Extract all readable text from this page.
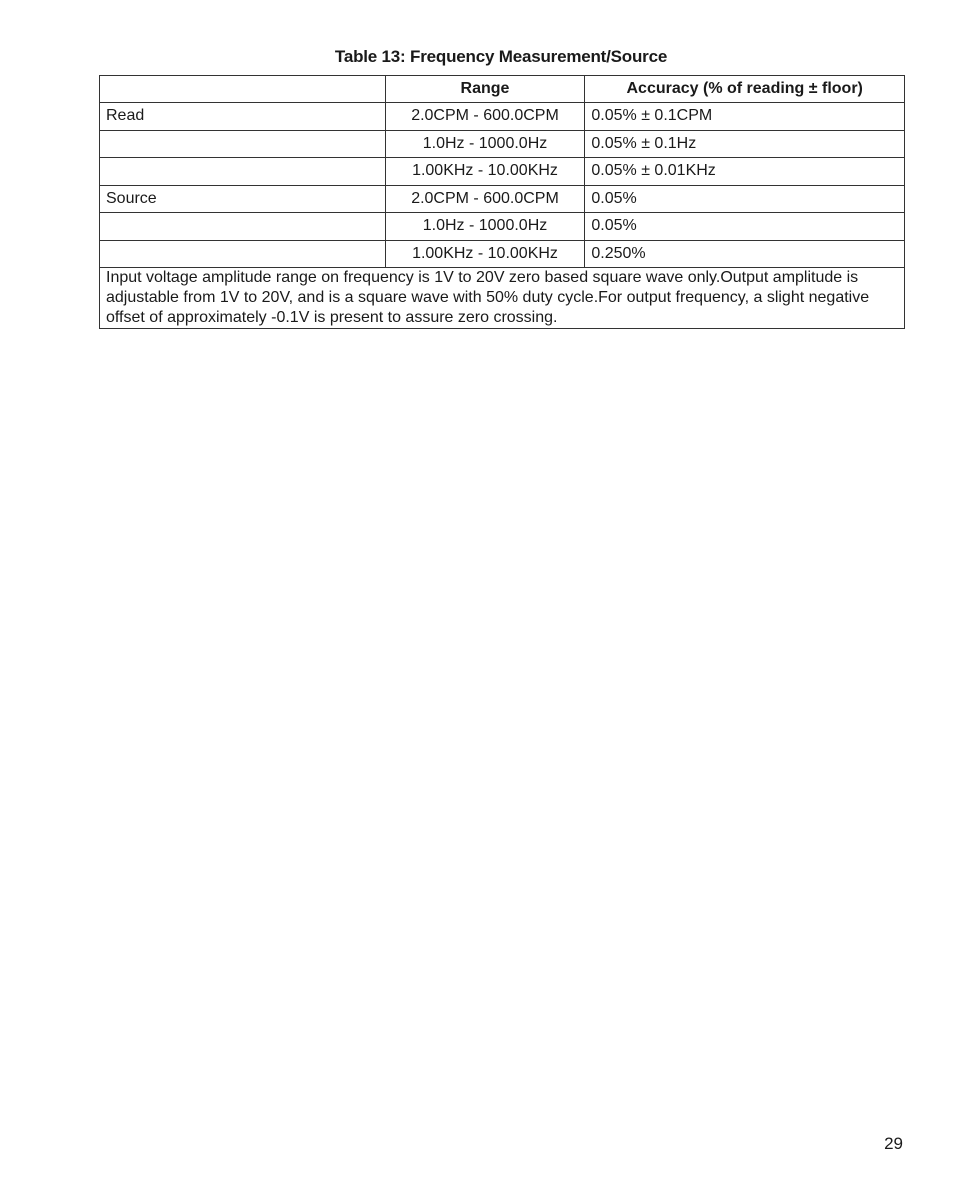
Table 13: Frequency Measurement/Source
	Range	Accuracy (% of reading ± floor)
Read	2.0CPM - 600.0CPM	0.05% ± 0.1CPM
	1.0Hz - 1000.0Hz	0.05% ± 0.1Hz
	1.00KHz - 10.00KHz	0.05% ± 0.01KHz
Source	2.0CPM - 600.0CPM	0.05%
	1.0Hz - 1000.0Hz	0.05%
	1.00KHz - 10.00KHz	0.250%
Input voltage amplitude range on frequency is 1V to 20V zero based square wave only.Output amplitude is adjustable from 1V to 20V, and is a square wave with 50% duty cycle.For output frequency, a slight negative offset of approximately -0.1V is present to assure zero crossing.		
29
